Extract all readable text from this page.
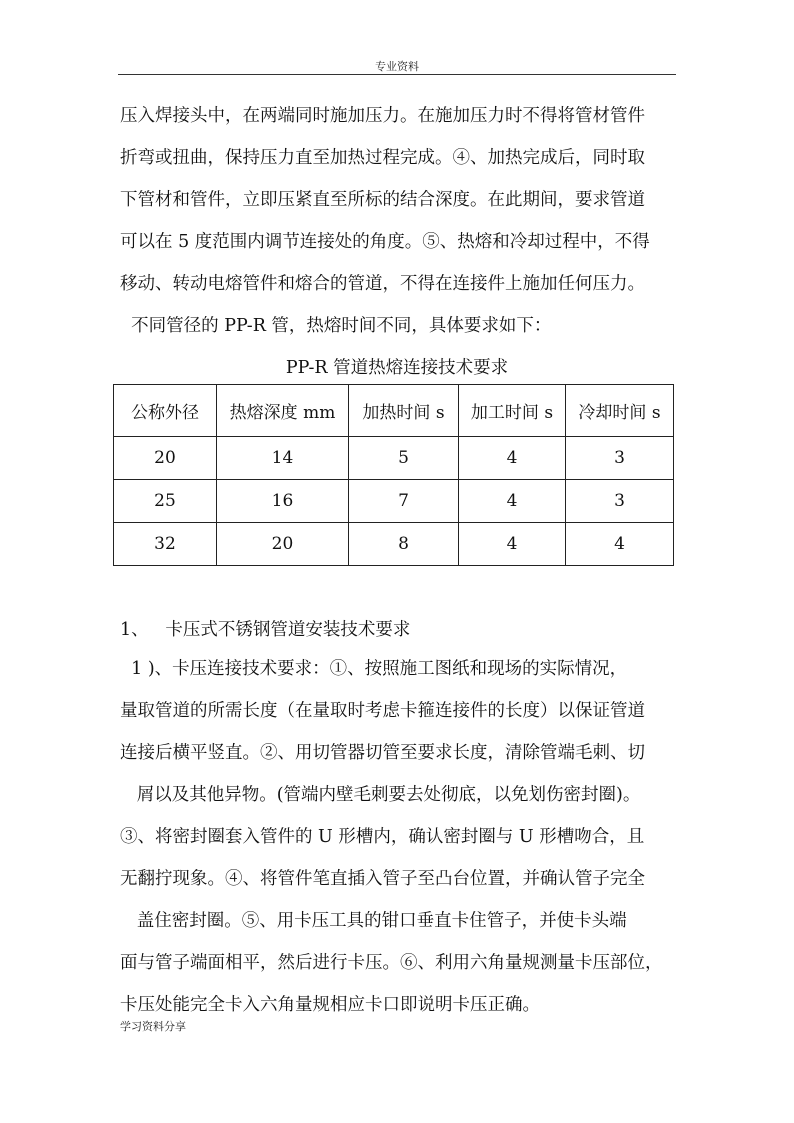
专业资料
压入焊接头中，在两端同时施加压力。在施加压力时不得将管材管件
折弯或扭曲，保持压力直至加热过程完成。④、加热完成后，同时取
下管材和管件，立即压紧直至所标的结合深度。在此期间，要求管道
可以在 5 度范围内调节连接处的角度。⑤、热熔和冷却过程中，不得
移动、转动电熔管件和熔合的管道，不得在连接件上施加任何压力。
不同管径的 PP-R 管，热熔时间不同，具体要求如下：
PP-R 管道热熔连接技术要求
公称外径	热熔深度 mm	加热时间 s	加工时间 s	冷却时间 s
20	14	5	4	3
25	16	7	4	3
32	20	8	4	4
1、   卡压式不锈钢管道安装技术要求
1 )、卡压连接技术要求：①、按照施工图纸和现场的实际情况，
量取管道的所需长度（在量取时考虑卡箍连接件的长度）以保证管道
连接后横平竖直。②、用切管器切管至要求长度，清除管端毛刺、切
屑以及其他异物。(管端内壁毛刺要去处彻底，以免划伤密封圈)。
③、将密封圈套入管件的 U 形槽内，确认密封圈与 U 形槽吻合，且
无翻拧现象。④、将管件笔直插入管子至凸台位置，并确认管子完全
盖住密封圈。⑤、用卡压工具的钳口垂直卡住管子，并使卡头端
面与管子端面相平，然后进行卡压。⑥、利用六角量规测量卡压部位，
卡压处能完全卡入六角量规相应卡口即说明卡压正确。
学习资料分享
